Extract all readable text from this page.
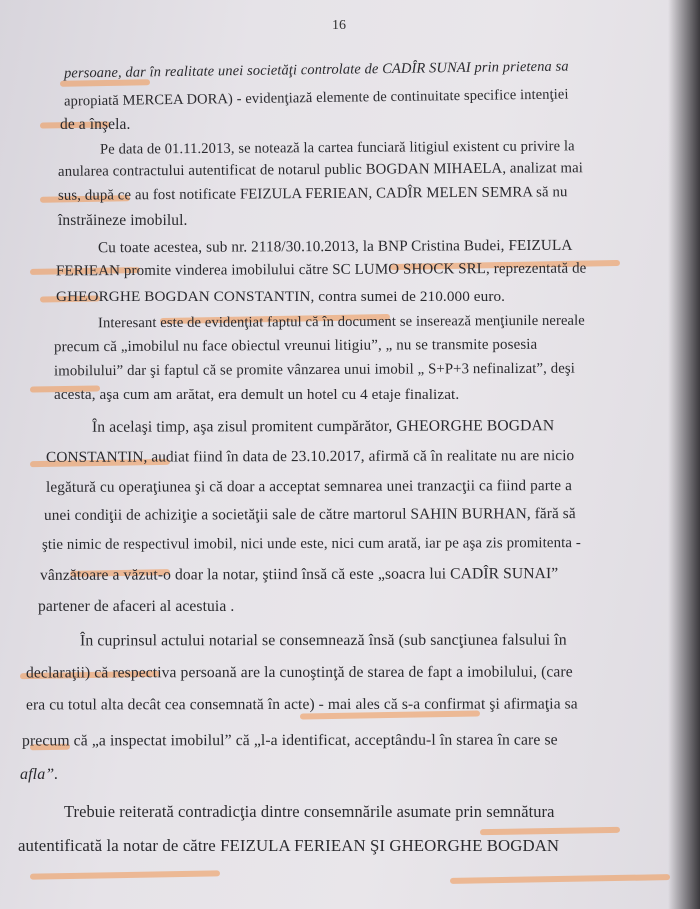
16
persoane, dar în realitate unei societăţi controlate de CADÎR SUNAI prin prietena sa
apropiată MERCEA DORA) - evidenţiază elemente de continuitate specifice intenţiei
de a înşela.
Pe data de 01.11.2013, se notează la cartea funciară litigiul existent cu privire la
anularea contractului autentificat de notarul public BOGDAN MIHAELA, analizat mai
sus, după ce au fost notificate FEIZULA FERIEAN, CADÎR MELEN SEMRA să nu
înstrăineze imobilul.
Cu toate acestea, sub nr. 2118/30.10.2013, la BNP Cristina Budei, FEIZULA
FERIEAN promite vinderea imobilului către SC LUMO SHOCK SRL, reprezentată de
GHEORGHE BOGDAN CONSTANTIN, contra sumei de 210.000 euro.
Interesant este de evidenţiat faptul că în document se inserează menţiunile nereale
precum că „imobilul nu face obiectul vreunui litigiu”, „ nu se transmite posesia
imobilului” dar şi faptul că se promite vânzarea unui imobil „ S+P+3 nefinalizat”, deşi
acesta, aşa cum am arătat, era demult un hotel cu 4 etaje finalizat.
În acelaşi timp, aşa zisul promitent cumpărător, GHEORGHE BOGDAN
CONSTANTIN, audiat fiind în data de 23.10.2017, afirmă că în realitate nu are nicio
legătură cu operaţiunea şi că doar a acceptat semnarea unei tranzacţii ca fiind parte a
unei condiţii de achiziţie a societăţii sale de către martorul SAHIN BURHAN, fără să
ştie nimic de respectivul imobil, nici unde este, nici cum arată, iar pe aşa zis promitenta -
vânzătoare a văzut-o doar la notar, ştiind însă că este „soacra lui CADÎR SUNAI”
partener de afaceri al acestuia .
În cuprinsul actului notarial se consemnează însă (sub sancţiunea falsului în
declaraţii) că respectiva persoană are la cunoştinţă de starea de fapt a imobilului, (care
era cu totul alta decât cea consemnată în acte) - mai ales că s-a confirmat şi afirmaţia sa
precum că „a inspectat imobilul” că „l-a identificat, acceptându-l în starea în care se
afla”.
Trebuie reiterată contradicţia dintre consemnările asumate prin semnătura
autentificată la notar de către FEIZULA FERIEAN ŞI GHEORGHE BOGDAN
